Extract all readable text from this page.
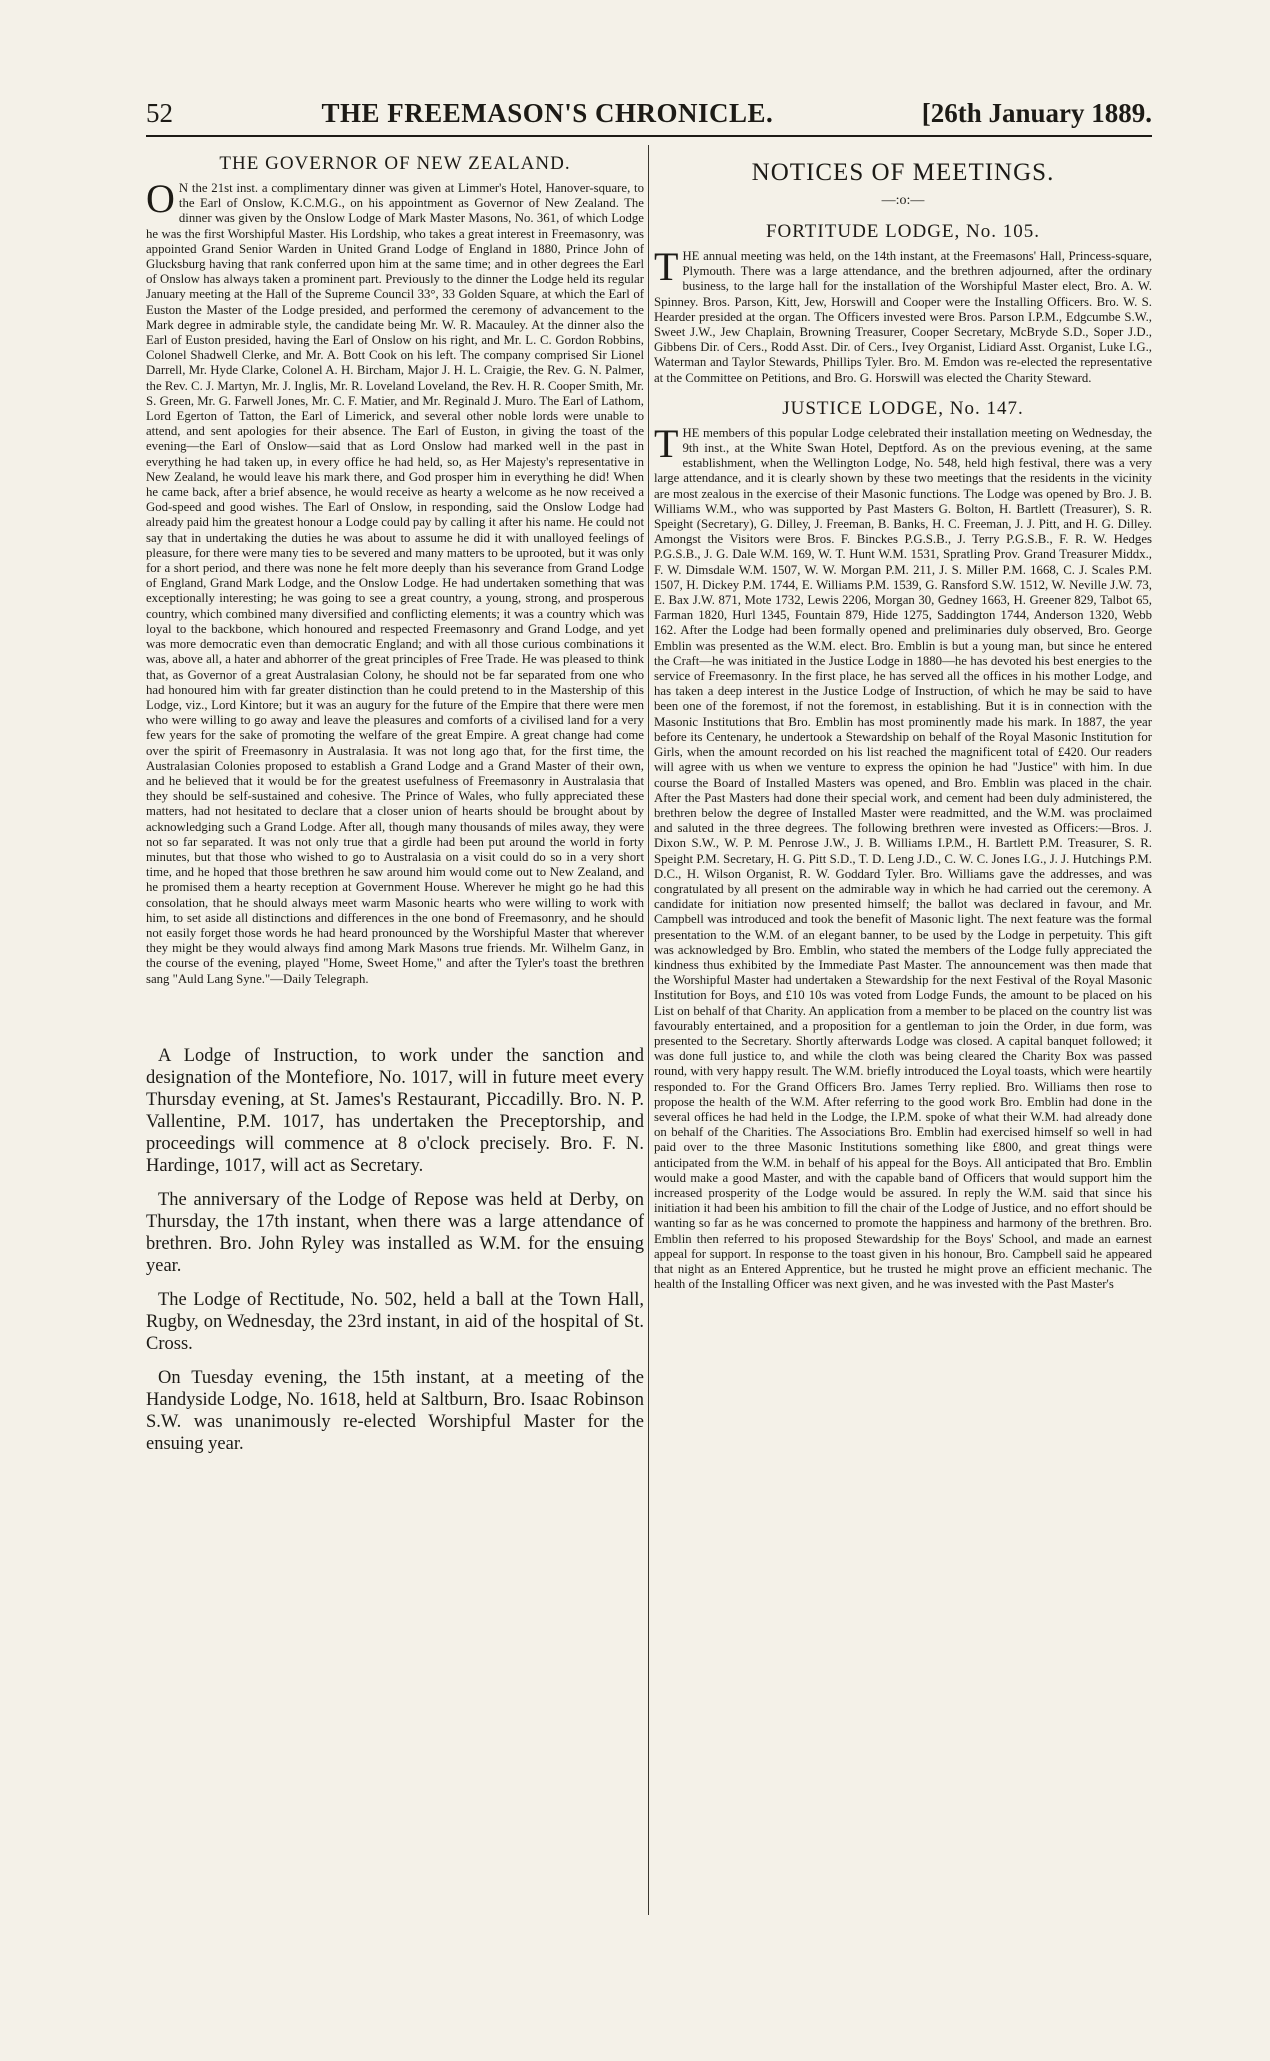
52	THE FREEMASON'S CHRONICLE.	[26th January 1889.
THE GOVERNOR OF NEW ZEALAND.

O N the 21st inst. a complimentary dinner was given at Limmer's Hotel, Hanover-square, to the Earl of Onslow, K.C.M.G., on his appointment as Governor of New Zealand. The dinner was given by the Onslow Lodge of Mark Master Masons, No. 361, of which Lodge he was the first Worshipful Master. His Lordship, who takes a great interest in Freemasonry, was appointed Grand Senior Warden in United Grand Lodge of England in 1880, Prince John of Glucksburg having that rank conferred upon him at the same time; and in other degrees the Earl of Onslow has always taken a prominent part. Previously to the dinner the Lodge held its regular January meeting at the Hall of the Supreme Council 33°, 33 Golden Square, at which the Earl of Euston the Master of the Lodge presided, and performed the ceremony of advancement to the Mark degree in admirable style, the candidate being Mr. W. R. Macauley. At the dinner also the Earl of Euston presided, having the Earl of Onslow on his right, and Mr. L. C. Gordon Robbins, Colonel Shadwell Clerke, and Mr. A. Bott Cook on his left. The company comprised Sir Lionel Darrell, Mr. Hyde Clarke, Colonel A. H. Bircham, Major J. H. L. Craigie, the Rev. G. N. Palmer, the Rev. C. J. Martyn, Mr. J. Inglis, Mr. R. Loveland Loveland, the Rev. H. R. Cooper Smith, Mr. S. Green, Mr. G. Farwell Jones, Mr. C. F. Matier, and Mr. Reginald J. Muro. The Earl of Lathom, Lord Egerton of Tatton, the Earl of Limerick, and several other noble lords were unable to attend, and sent apologies for their absence. The Earl of Euston, in giving the toast of the evening—the Earl of Onslow—said that as Lord Onslow had marked well in the past in everything he had taken up, in every office he had held, so, as Her Majesty's representative in New Zealand, he would leave his mark there, and God prosper him in everything he did! When he came back, after a brief absence, he would receive as hearty a welcome as he now received a God-speed and good wishes. The Earl of Onslow, in responding, said the Onslow Lodge had already paid him the greatest honour a Lodge could pay by calling it after his name. He could not say that in undertaking the duties he was about to assume he did it with unalloyed feelings of pleasure, for there were many ties to be severed and many matters to be uprooted, but it was only for a short period, and there was none he felt more deeply than his severance from Grand Lodge of England, Grand Mark Lodge, and the Onslow Lodge. He had undertaken something that was exceptionally interesting; he was going to see a great country, a young, strong, and prosperous country, which combined many diversified and conflicting elements; it was a country which was loyal to the backbone, which honoured and respected Freemasonry and Grand Lodge, and yet was more democratic even than democratic England; and with all those curious combinations it was, above all, a hater and abhorrer of the great principles of Free Trade. He was pleased to think that, as Governor of a great Australasian Colony, he should not be far separated from one who had honoured him with far greater distinction than he could pretend to in the Mastership of this Lodge, viz., Lord Kintore; but it was an augury for the future of the Empire that there were men who were willing to go away and leave the pleasures and comforts of a civilised land for a very few years for the sake of promoting the welfare of the great Empire. A great change had come over the spirit of Freemasonry in Australasia. It was not long ago that, for the first time, the Australasian Colonies proposed to establish a Grand Lodge and a Grand Master of their own, and he believed that it would be for the greatest usefulness of Freemasonry in Australasia that they should be self-sustained and cohesive. The Prince of Wales, who fully appreciated these matters, had not hesitated to declare that a closer union of hearts should be brought about by acknowledging such a Grand Lodge. After all, though many thousands of miles away, they were not so far separated. It was not only true that a girdle had been put around the world in forty minutes, but that those who wished to go to Australasia on a visit could do so in a very short time, and he hoped that those brethren he saw around him would come out to New Zealand, and he promised them a hearty reception at Government House. Wherever he might go he had this consolation, that he should always meet warm Masonic hearts who were willing to work with him, to set aside all distinctions and differences in the one bond of Freemasonry, and he should not easily forget those words he had heard pronounced by the Worshipful Master that wherever they might be they would always find among Mark Masons true friends. Mr. Wilhelm Ganz, in the course of the evening, played "Home, Sweet Home," and after the Tyler's toast the brethren sang "Auld Lang Syne."—Daily Telegraph.

A Lodge of Instruction, to work under the sanction and designation of the Montefiore, No. 1017, will in future meet every Thursday evening, at St. James's Restaurant, Piccadilly. Bro. N. P. Vallentine, P.M. 1017, has undertaken the Preceptorship, and proceedings will commence at 8 o'clock precisely. Bro. F. N. Hardinge, 1017, will act as Secretary.

The anniversary of the Lodge of Repose was held at Derby, on Thursday, the 17th instant, when there was a large attendance of brethren. Bro. John Ryley was installed as W.M. for the ensuing year.

The Lodge of Rectitude, No. 502, held a ball at the Town Hall, Rugby, on Wednesday, the 23rd instant, in aid of the hospital of St. Cross.

On Tuesday evening, the 15th instant, at a meeting of the Handyside Lodge, No. 1618, held at Saltburn, Bro. Isaac Robinson S.W. was unanimously re-elected Worshipful Master for the ensuing year.

NOTICES OF MEETINGS.
—:o:—
FORTITUDE LODGE, No. 105.

THE annual meeting was held, on the 14th instant, at the Freemasons' Hall, Princess-square, Plymouth. There was a large attendance, and the brethren adjourned, after the ordinary business, to the large hall for the installation of the Worshipful Master elect, Bro. A. W. Spinney. Bros. Parson, Kitt, Jew, Horswill and Cooper were the Installing Officers. Bro. W. S. Hearder presided at the organ. The Officers invested were Bros. Parson I.P.M., Edgcumbe S.W., Sweet J.W., Jew Chaplain, Browning Treasurer, Cooper Secretary, McBryde S.D., Soper J.D., Gibbens Dir. of Cers., Rodd Asst. Dir. of Cers., Ivey Organist, Lidiard Asst. Organist, Luke I.G., Waterman and Taylor Stewards, Phillips Tyler. Bro. M. Emdon was re-elected the representative at the Committee on Petitions, and Bro. G. Horswill was elected the Charity Steward.

JUSTICE LODGE, No. 147.

THE members of this popular Lodge celebrated their installation meeting on Wednesday, the 9th inst., at the White Swan Hotel, Deptford. As on the previous evening, at the same establishment, when the Wellington Lodge, No. 548, held high festival, there was a very large attendance, and it is clearly shown by these two meetings that the residents in the vicinity are most zealous in the exercise of their Masonic functions. The Lodge was opened by Bro. J. B. Williams W.M., who was supported by Past Masters G. Bolton, H. Bartlett (Treasurer), S. R. Speight (Secretary), G. Dilley, J. Freeman, B. Banks, H. C. Freeman, J. J. Pitt, and H. G. Dilley. Amongst the Visitors were Bros. F. Binckes P.G.S.B., J. Terry P.G.S.B., F. R. W. Hedges P.G.S.B., J. G. Dale W.M. 169, W. T. Hunt W.M. 1531, Spratling Prov. Grand Treasurer Middx., F. W. Dimsdale W.M. 1507, W. W. Morgan P.M. 211, J. S. Miller P.M. 1668, C. J. Scales P.M. 1507, H. Dickey P.M. 1744, E. Williams P.M. 1539, G. Ransford S.W. 1512, W. Neville J.W. 73, E. Bax J.W. 871, Mote 1732, Lewis 2206, Morgan 30, Gedney 1663, H. Greener 829, Talbot 65, Farman 1820, Hurl 1345, Fountain 879, Hide 1275, Saddington 1744, Anderson 1320, Webb 162. After the Lodge had been formally opened and preliminaries duly observed, Bro. George Emblin was presented as the W.M. elect. Bro. Emblin is but a young man, but since he entered the Craft—he was initiated in the Justice Lodge in 1880—he has devoted his best energies to the service of Freemasonry. In the first place, he has served all the offices in his mother Lodge, and has taken a deep interest in the Justice Lodge of Instruction, of which he may be said to have been one of the foremost, if not the foremost, in establishing. But it is in connection with the Masonic Institutions that Bro. Emblin has most prominently made his mark. In 1887, the year before its Centenary, he undertook a Stewardship on behalf of the Royal Masonic Institution for Girls, when the amount recorded on his list reached the magnificent total of £420. Our readers will agree with us when we venture to express the opinion he had "Justice" with him. In due course the Board of Installed Masters was opened, and Bro. Emblin was placed in the chair. After the Past Masters had done their special work, and cement had been duly administered, the brethren below the degree of Installed Master were readmitted, and the W.M. was proclaimed and saluted in the three degrees. The following brethren were invested as Officers:—Bros. J. Dixon S.W., W. P. M. Penrose J.W., J. B. Williams I.P.M., H. Bartlett P.M. Treasurer, S. R. Speight P.M. Secretary, H. G. Pitt S.D., T. D. Leng J.D., C. W. C. Jones I.G., J. J. Hutchings P.M. D.C., H. Wilson Organist, R. W. Goddard Tyler. Bro. Williams gave the addresses, and was congratulated by all present on the admirable way in which he had carried out the ceremony. A candidate for initiation now presented himself; the ballot was declared in favour, and Mr. Campbell was introduced and took the benefit of Masonic light. The next feature was the formal presentation to the W.M. of an elegant banner, to be used by the Lodge in perpetuity. This gift was acknowledged by Bro. Emblin, who stated the members of the Lodge fully appreciated the kindness thus exhibited by the Immediate Past Master. The announcement was then made that the Worshipful Master had undertaken a Stewardship for the next Festival of the Royal Masonic Institution for Boys, and £10 10s was voted from Lodge Funds, the amount to be placed on his List on behalf of that Charity. An application from a member to be placed on the country list was favourably entertained, and a proposition for a gentleman to join the Order, in due form, was presented to the Secretary. Shortly afterwards Lodge was closed. A capital banquet followed; it was done full justice to, and while the cloth was being cleared the Charity Box was passed round, with very happy result. The W.M. briefly introduced the Loyal toasts, which were heartily responded to. For the Grand Officers Bro. James Terry replied. Bro. Williams then rose to propose the health of the W.M. After referring to the good work Bro. Emblin had done in the several offices he had held in the Lodge, the I.P.M. spoke of what their W.M. had already done on behalf of the Charities. The Associations Bro. Emblin had exercised himself so well in had paid over to the three Masonic Institutions something like £800, and great things were anticipated from the W.M. in behalf of his appeal for the Boys. All anticipated that Bro. Emblin would make a good Master, and with the capable band of Officers that would support him the increased prosperity of the Lodge would be assured. In reply the W.M. said that since his initiation it had been his ambition to fill the chair of the Lodge of Justice, and no effort should be wanting so far as he was concerned to promote the happiness and harmony of the brethren. Bro. Emblin then referred to his proposed Stewardship for the Boys' School, and made an earnest appeal for support. In response to the toast given in his honour, Bro. Campbell said he appeared that night as an Entered Apprentice, but he trusted he might prove an efficient mechanic. The health of the Installing Officer was next given, and he was invested with the Past Master's
